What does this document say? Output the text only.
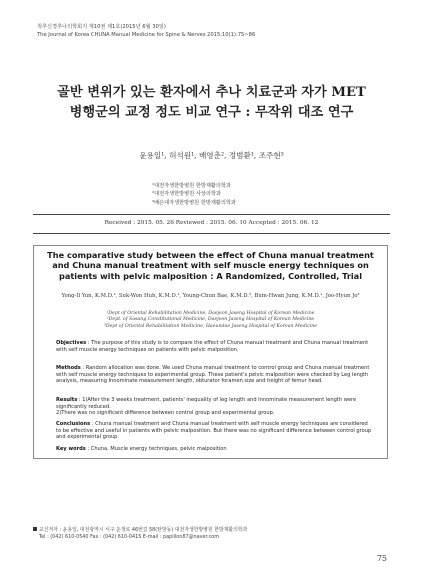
척추신경추나의학회지 제10권 제1호(2015년 6월 30일)
The Journal of Korea CHUNA Manual Medicine for Spine & Nerves 2015;10(1):75~86
골반 변위가 있는 환자에서 추나 치료군과 자가 MET
병행군의 교정 정도 비교 연구 : 무작위 대조 연구
윤용일¹, 허석원¹, 배영춘², 정범환¹, 조주현³
¹대전자생한방병원 한방재활의학과
²대전자생한방병원 사상의학과
³배은대자생한방병원 한방재활의학과
Received : 2015. 05. 26 Reviewed : 2015. 06. 10 Accepted : 2015. 06. 12
The comparative study between the effect of Chuna manual treatment and Chuna manual treatment with self muscle energy techniques on patients with pelvic malposition : A Randomized, Controlled, Trial
Yong-Il Yun, K.M.D.¹, Suk-Won Huh, K.M.D.¹, Young-Chun Bae, K.M.D.², Bum-Hwan Jung, K.M.D.¹, Joo-Hyun Jo³
¹Dept of Oriental Rehabilitation Medicine, Daejeon Jaseng Hospital of Korean Medicine
²Dept. of Sasang Constitutional Medicine, Daejeon Jaseng Hospital of Korean Medicine
³Dept of Oriental Rehabilitation Medicine, Haeundae Jaseng Hospital of Korean Medicine
Objectives : The purpose of this study is to compare the effect of Chuna manual treatment and Chuna manual treatment with self muscle energy techniques on patients with pelvic malposition.
Methods : Random allocation was done. We used Chuna manual treatment to control group and Chuna manual treatment with self muscle energy techniques to experimental group. These patient's pelvic malposition were checked by Leg length analysis, measuring Innominate measurement length, obturator foramen size and height of femur head.
Results : 1)After the 3 weeks treatment, patients' inequality of leg length and Innominate measurement length were significantly reduced.
2)There was no significant difference between control group and experimental group.
Conclusions : Chuna manual treatment and Chuna manual treatment with self muscle energy techniques are considered to be effective and useful in patients with pelvic malposition. But there was no significant difference between control group and experimental group.
Key words : Chuna, Muscle energy techniques, pelvic malposition
교신저자 : 윤용일, 대전광역시 서구 둔정로 46번길 58(탄방동) 대전자생한방병원 한방재활의학과
Tel : (042) 610-0540 Fax : (042) 610-0415 E-mail : papillon87@naver.com
75
